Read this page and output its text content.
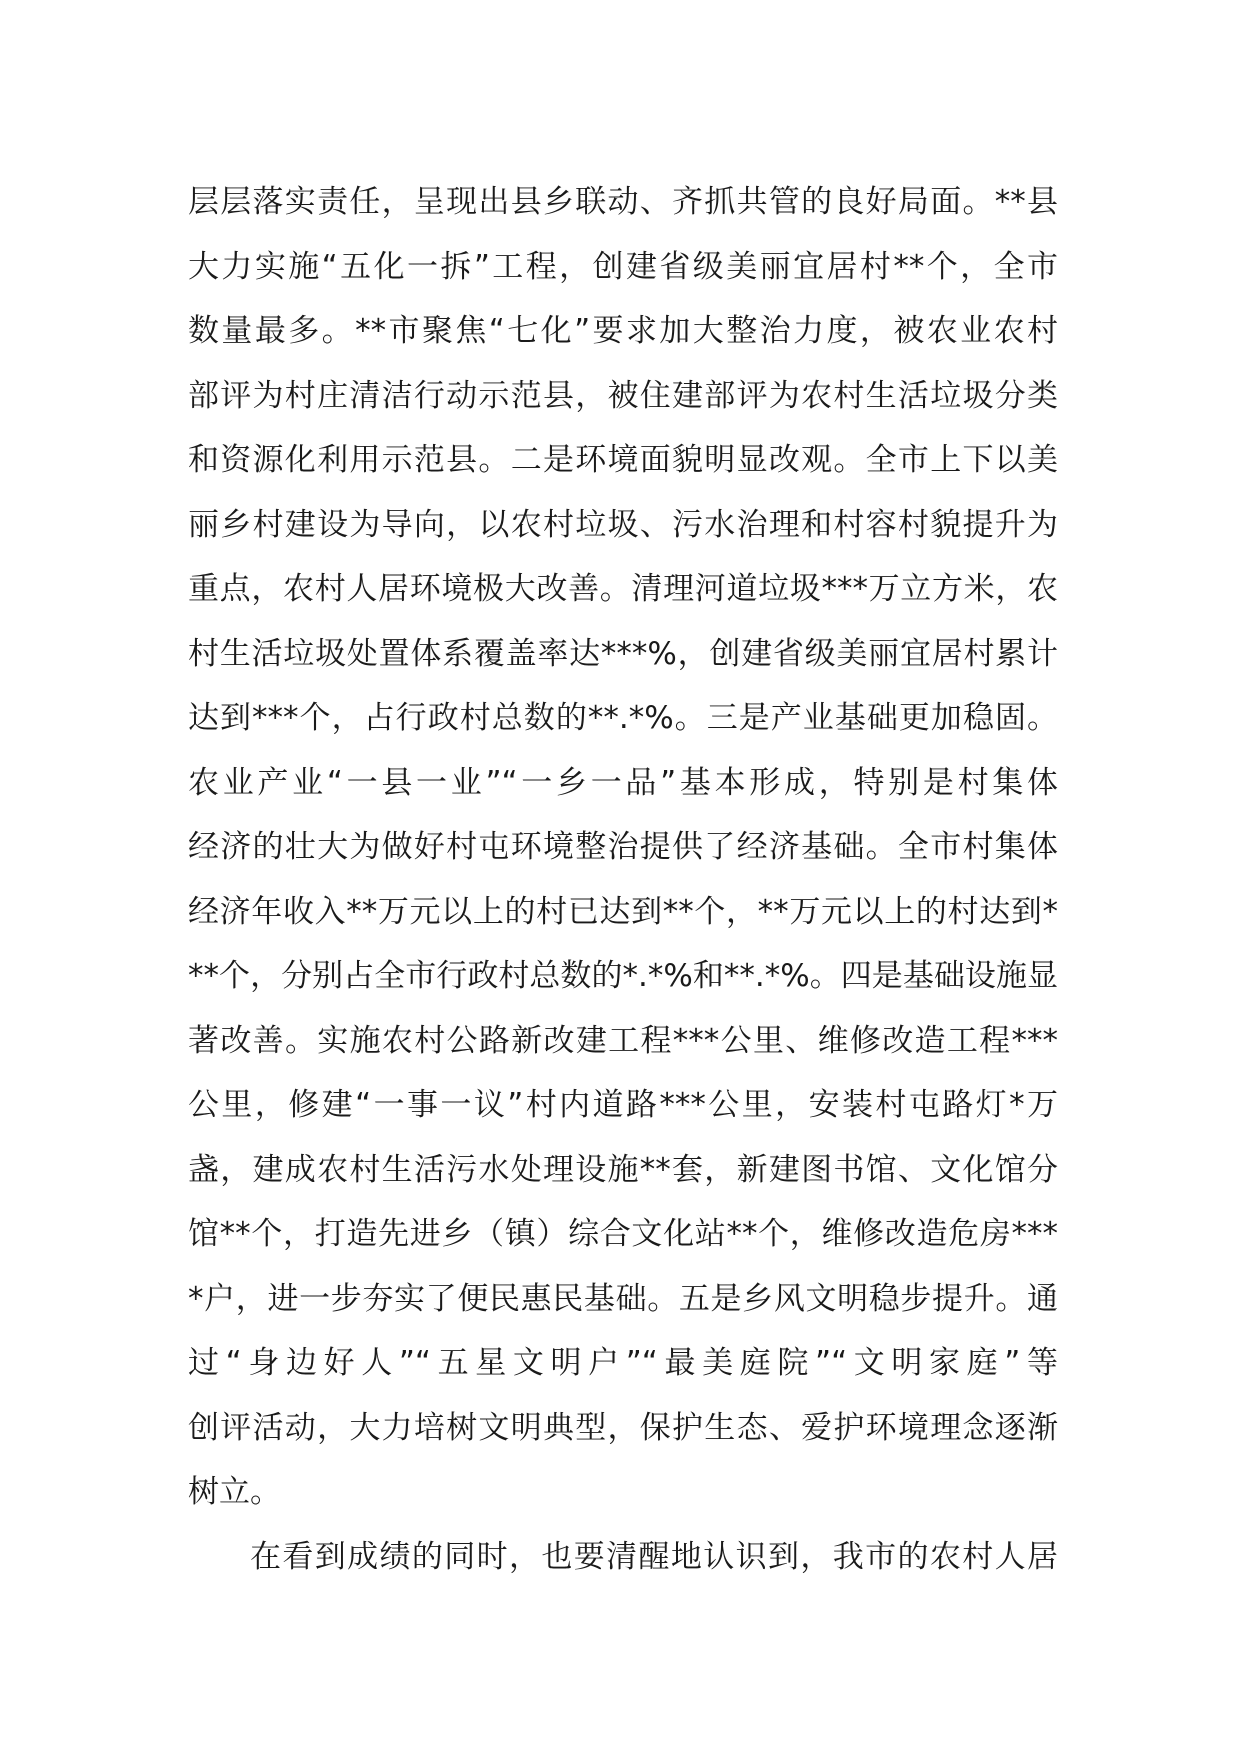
层层落实责任，呈现出县乡联动、齐抓共管的良好局面。**县
大力实施“五化一拆”工程，创建省级美丽宜居村**个，全市
数量最多。**市聚焦“七化”要求加大整治力度，被农业农村
部评为村庄清洁行动示范县，被住建部评为农村生活垃圾分类
和资源化利用示范县。二是环境面貌明显改观。全市上下以美
丽乡村建设为导向，以农村垃圾、污水治理和村容村貌提升为
重点，农村人居环境极大改善。清理河道垃圾***万立方米，农
村生活垃圾处置体系覆盖率达***%，创建省级美丽宜居村累计
达到***个，占行政村总数的**.*%。三是产业基础更加稳固。
农业产业“一县一业”“一乡一品”基本形成，特别是村集体
经济的壮大为做好村屯环境整治提供了经济基础。全市村集体
经济年收入**万元以上的村已达到**个，**万元以上的村达到*
**个，分别占全市行政村总数的*.*%和**.*%。四是基础设施显
著改善。实施农村公路新改建工程***公里、维修改造工程***
公里，修建“一事一议”村内道路***公里，安装村屯路灯*万
盏，建成农村生活污水处理设施**套，新建图书馆、文化馆分
馆**个，打造先进乡（镇）综合文化站**个，维修改造危房***
*户，进一步夯实了便民惠民基础。五是乡风文明稳步提升。通
过“身边好人”“五星文明户”“最美庭院”“文明家庭”等
创评活动，大力培树文明典型，保护生态、爱护环境理念逐渐
树立。
在看到成绩的同时，也要清醒地认识到，我市的农村人居
